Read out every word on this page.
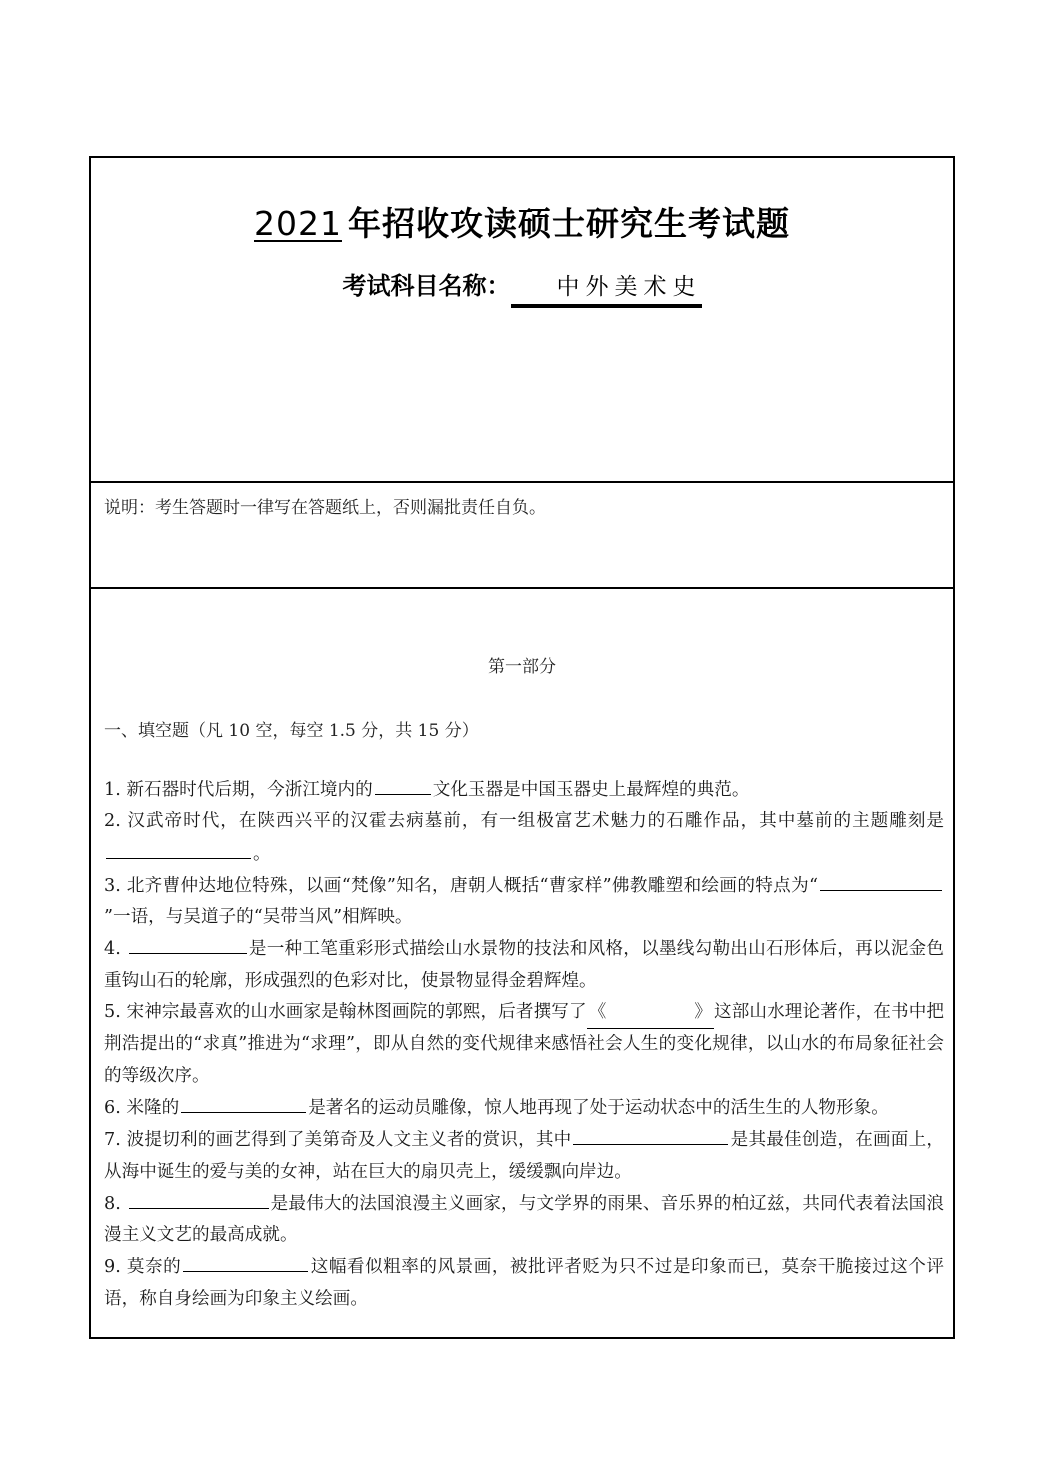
2021 年招收攻读硕士研究生考试题
考试科目名称： 中外美术史
说明：考生答题时一律写在答题纸上，否则漏批责任自负。
第一部分
一、填空题（凡 10 空，每空 1.5 分，共 15 分）

1. 新石器时代后期，今浙江境内的	文化玉器是中国玉器史上最辉煌的典范。

2. 汉武帝时代，在陕西兴平的汉霍去病墓前，有一组极富艺术魅力的石雕作品，其中墓前的主题雕刻是。

3. 北齐曹仲达地位特殊，以画“梵像”知名，唐朝人概括“曹家样”佛教雕塑和绘画的特点为“”一语，与吴道子的“吴带当风”相辉映。

4.	是一种工笔重彩形式描绘山水景物的技法和风格，以墨线勾勒出山石形体后，再以泥金色重钩山石的轮廓，形成强烈的色彩对比，使景物显得金碧辉煌。

5. 宋神宗最喜欢的山水画家是翰林图画院的郭熙，后者撰写了 《	》 这部山水理论著作，在书中把荆浩提出的“求真”推进为“求理”，即从自然的变代规律来感悟社会人生的变化规律，以山水的布局象征社会的等级次序。

6. 米隆的	是著名的运动员雕像，惊人地再现了处于运动状态中的活生生的人物形象。

7. 波提切利的画艺得到了美第奇及人文主义者的赏识，其中	是其最佳创造，在画面上，从海中诞生的爱与美的女神，站在巨大的扇贝壳上，缓缓飘向岸边。

8.	是最伟大的法国浪漫主义画家，与文学界的雨果、音乐界的柏辽兹，共同代表着法国浪漫主义文艺的最高成就。

9. 莫奈的	这幅看似粗率的风景画，被批评者贬为只不过是印象而已，莫奈干脆接过这个评语，称自身绘画为印象主义绘画。
